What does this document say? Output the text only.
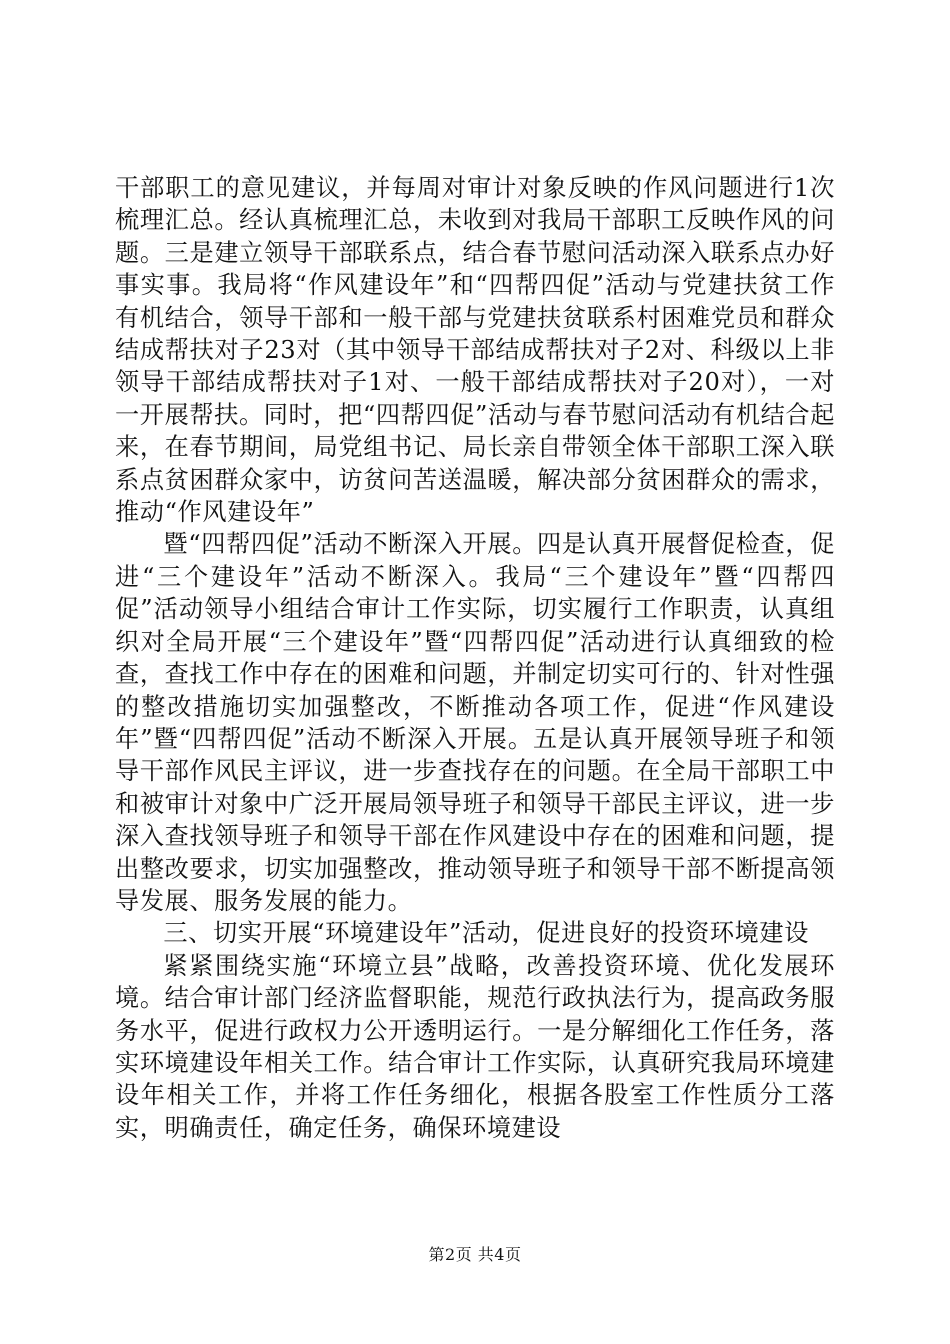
干部职工的意见建议，并每周对审计对象反映的作风问题进行1次梳理汇总。经认真梳理汇总，未收到对我局干部职工反映作风的问题。三是建立领导干部联系点，结合春节慰问活动深入联系点办好事实事。我局将“作风建设年”和“四帮四促”活动与党建扶贫工作有机结合，领导干部和一般干部与党建扶贫联系村困难党员和群众结成帮扶对子23对（其中领导干部结成帮扶对子2对、科级以上非领导干部结成帮扶对子1对、一般干部结成帮扶对子20对），一对一开展帮扶。同时，把“四帮四促”活动与春节慰问活动有机结合起来，在春节期间，局党组书记、局长亲自带领全体干部职工深入联系点贫困群众家中，访贫问苦送温暖，解决部分贫困群众的需求，推动“作风建设年”

暨“四帮四促”活动不断深入开展。四是认真开展督促检查，促进“三个建设年”活动不断深入。我局“三个建设年”暨“四帮四促”活动领导小组结合审计工作实际，切实履行工作职责，认真组织对全局开展“三个建设年”暨“四帮四促”活动进行认真细致的检查，查找工作中存在的困难和问题，并制定切实可行的、针对性强的整改措施切实加强整改，不断推动各项工作，促进“作风建设年”暨“四帮四促”活动不断深入开展。五是认真开展领导班子和领导干部作风民主评议，进一步查找存在的问题。在全局干部职工中和被审计对象中广泛开展局领导班子和领导干部民主评议，进一步深入查找领导班子和领导干部在作风建设中存在的困难和问题，提出整改要求，切实加强整改，推动领导班子和领导干部不断提高领导发展、服务发展的能力。

三、切实开展“环境建设年”活动，促进良好的投资环境建设

紧紧围绕实施“环境立县”战略，改善投资环境、优化发展环境。结合审计部门经济监督职能，规范行政执法行为，提高政务服务水平，促进行政权力公开透明运行。一是分解细化工作任务，落实环境建设年相关工作。结合审计工作实际，认真研究我局环境建设年相关工作，并将工作任务细化，根据各股室工作性质分工落实，明确责任，确定任务，确保环境建设

第2页 共4页
